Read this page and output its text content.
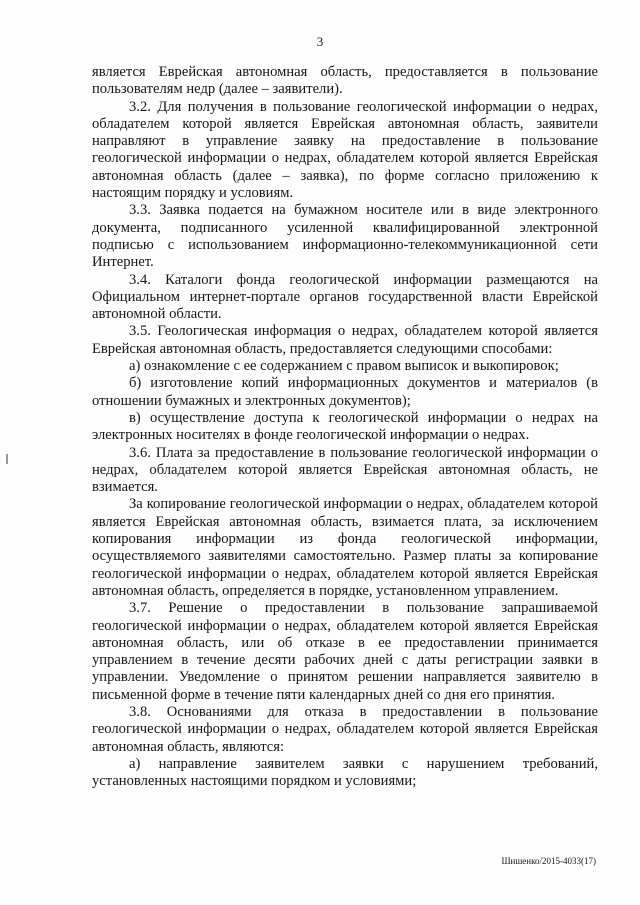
3

является Еврейская автономная область, предоставляется в пользование пользователям недр (далее – заявители).

3.2. Для получения в пользование геологической информации о недрах, обладателем которой является Еврейская автономная область, заявители направляют в управление заявку на предоставление в пользование геологической информации о недрах, обладателем которой является Еврейская автономная область (далее – заявка), по форме согласно приложению к настоящим порядку и условиям.

3.3. Заявка подается на бумажном носителе или в виде электронного документа, подписанного усиленной квалифицированной электронной подписью с использованием информационно-телекоммуникационной сети Интернет.

3.4. Каталоги фонда геологической информации размещаются на Официальном интернет-портале органов государственной власти Еврейской автономной области.

3.5. Геологическая информация о недрах, обладателем которой является Еврейская автономная область, предоставляется следующими способами:

а) ознакомление с ее содержанием с правом выписок и выкопировок;

б) изготовление копий информационных документов и материалов (в отношении бумажных и электронных документов);

в) осуществление доступа к геологической информации о недрах на электронных носителях в фонде геологической информации о недрах.

3.6. Плата за предоставление в пользование геологической информации о недрах, обладателем которой является Еврейская автономная область, не взимается.

За копирование геологической информации о недрах, обладателем которой является Еврейская автономная область, взимается плата, за исключением копирования информации из фонда геологической информации, осуществляемого заявителями самостоятельно. Размер платы за копирование геологической информации о недрах, обладателем которой является Еврейская автономная область, определяется в порядке, установленном управлением.

3.7. Решение о предоставлении в пользование запрашиваемой геологической информации о недрах, обладателем которой является Еврейская автономная область, или об отказе в ее предоставлении принимается управлением в течение десяти рабочих дней с даты регистрации заявки в управлении. Уведомление о принятом решении направляется заявителю в письменной форме в течение пяти календарных дней со дня его принятия.

3.8. Основаниями для отказа в предоставлении в пользование геологической информации о недрах, обладателем которой является Еврейская автономная область, являются:

а) направление заявителем заявки с нарушением требований, установленных настоящими порядком и условиями;

Шишенко/2015-4033(17)
